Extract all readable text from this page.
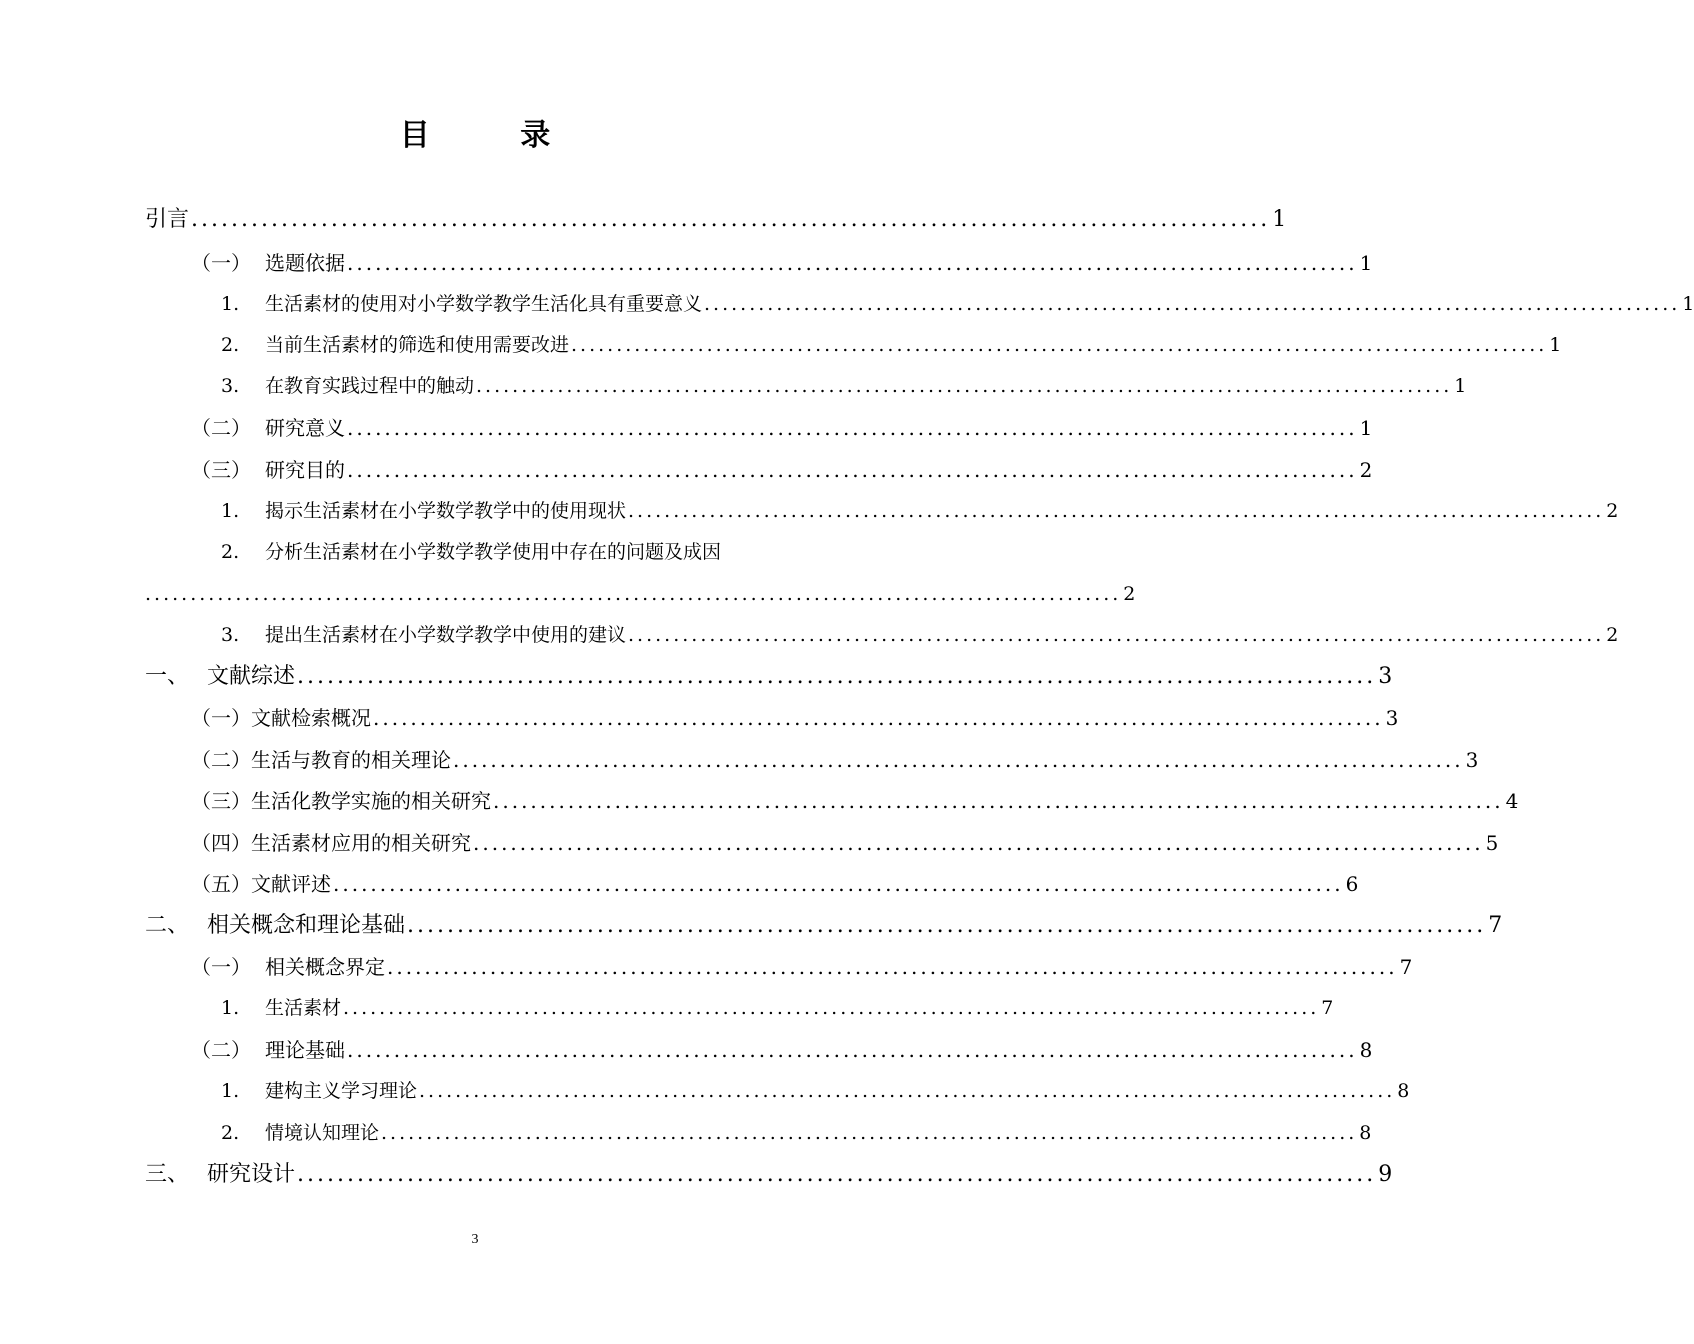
目 录
引言 ............................................................................................................ 1
（一） 选题依据 ............................................................................................................ 1
1.	生活素材的使用对小学数学教学生活化具有重要意义 ............................................................................................................ 1
2.	当前生活素材的筛选和使用需要改进 ............................................................................................................ 1
3.	在教育实践过程中的触动 ............................................................................................................ 1
（二） 研究意义 ............................................................................................................ 1
（三） 研究目的 ............................................................................................................ 2
1.	揭示生活素材在小学数学教学中的使用现状 ............................................................................................................ 2
2.	分析生活素材在小学数学教学使用中存在的问题及成因
............................................................................................................ 2
3.	提出生活素材在小学数学教学中使用的建议 ............................................................................................................ 2
一、 文献综述 ............................................................................................................ 3
（一） 文献检索概况 ............................................................................................................ 3
（二） 生活与教育的相关理论 ............................................................................................................ 3
（三） 生活化教学实施的相关研究 ............................................................................................................ 4
（四） 生活素材应用的相关研究 ............................................................................................................ 5
（五） 文献评述 ............................................................................................................ 6
二、 相关概念和理论基础 ............................................................................................................ 7
（一） 相关概念界定 ............................................................................................................ 7
1.	生活素材 ............................................................................................................ 7
（二） 理论基础 ............................................................................................................ 8
1.	建构主义学习理论 ............................................................................................................ 8
2.	情境认知理论 ............................................................................................................ 8
三、 研究设计 ............................................................................................................ 9
3
